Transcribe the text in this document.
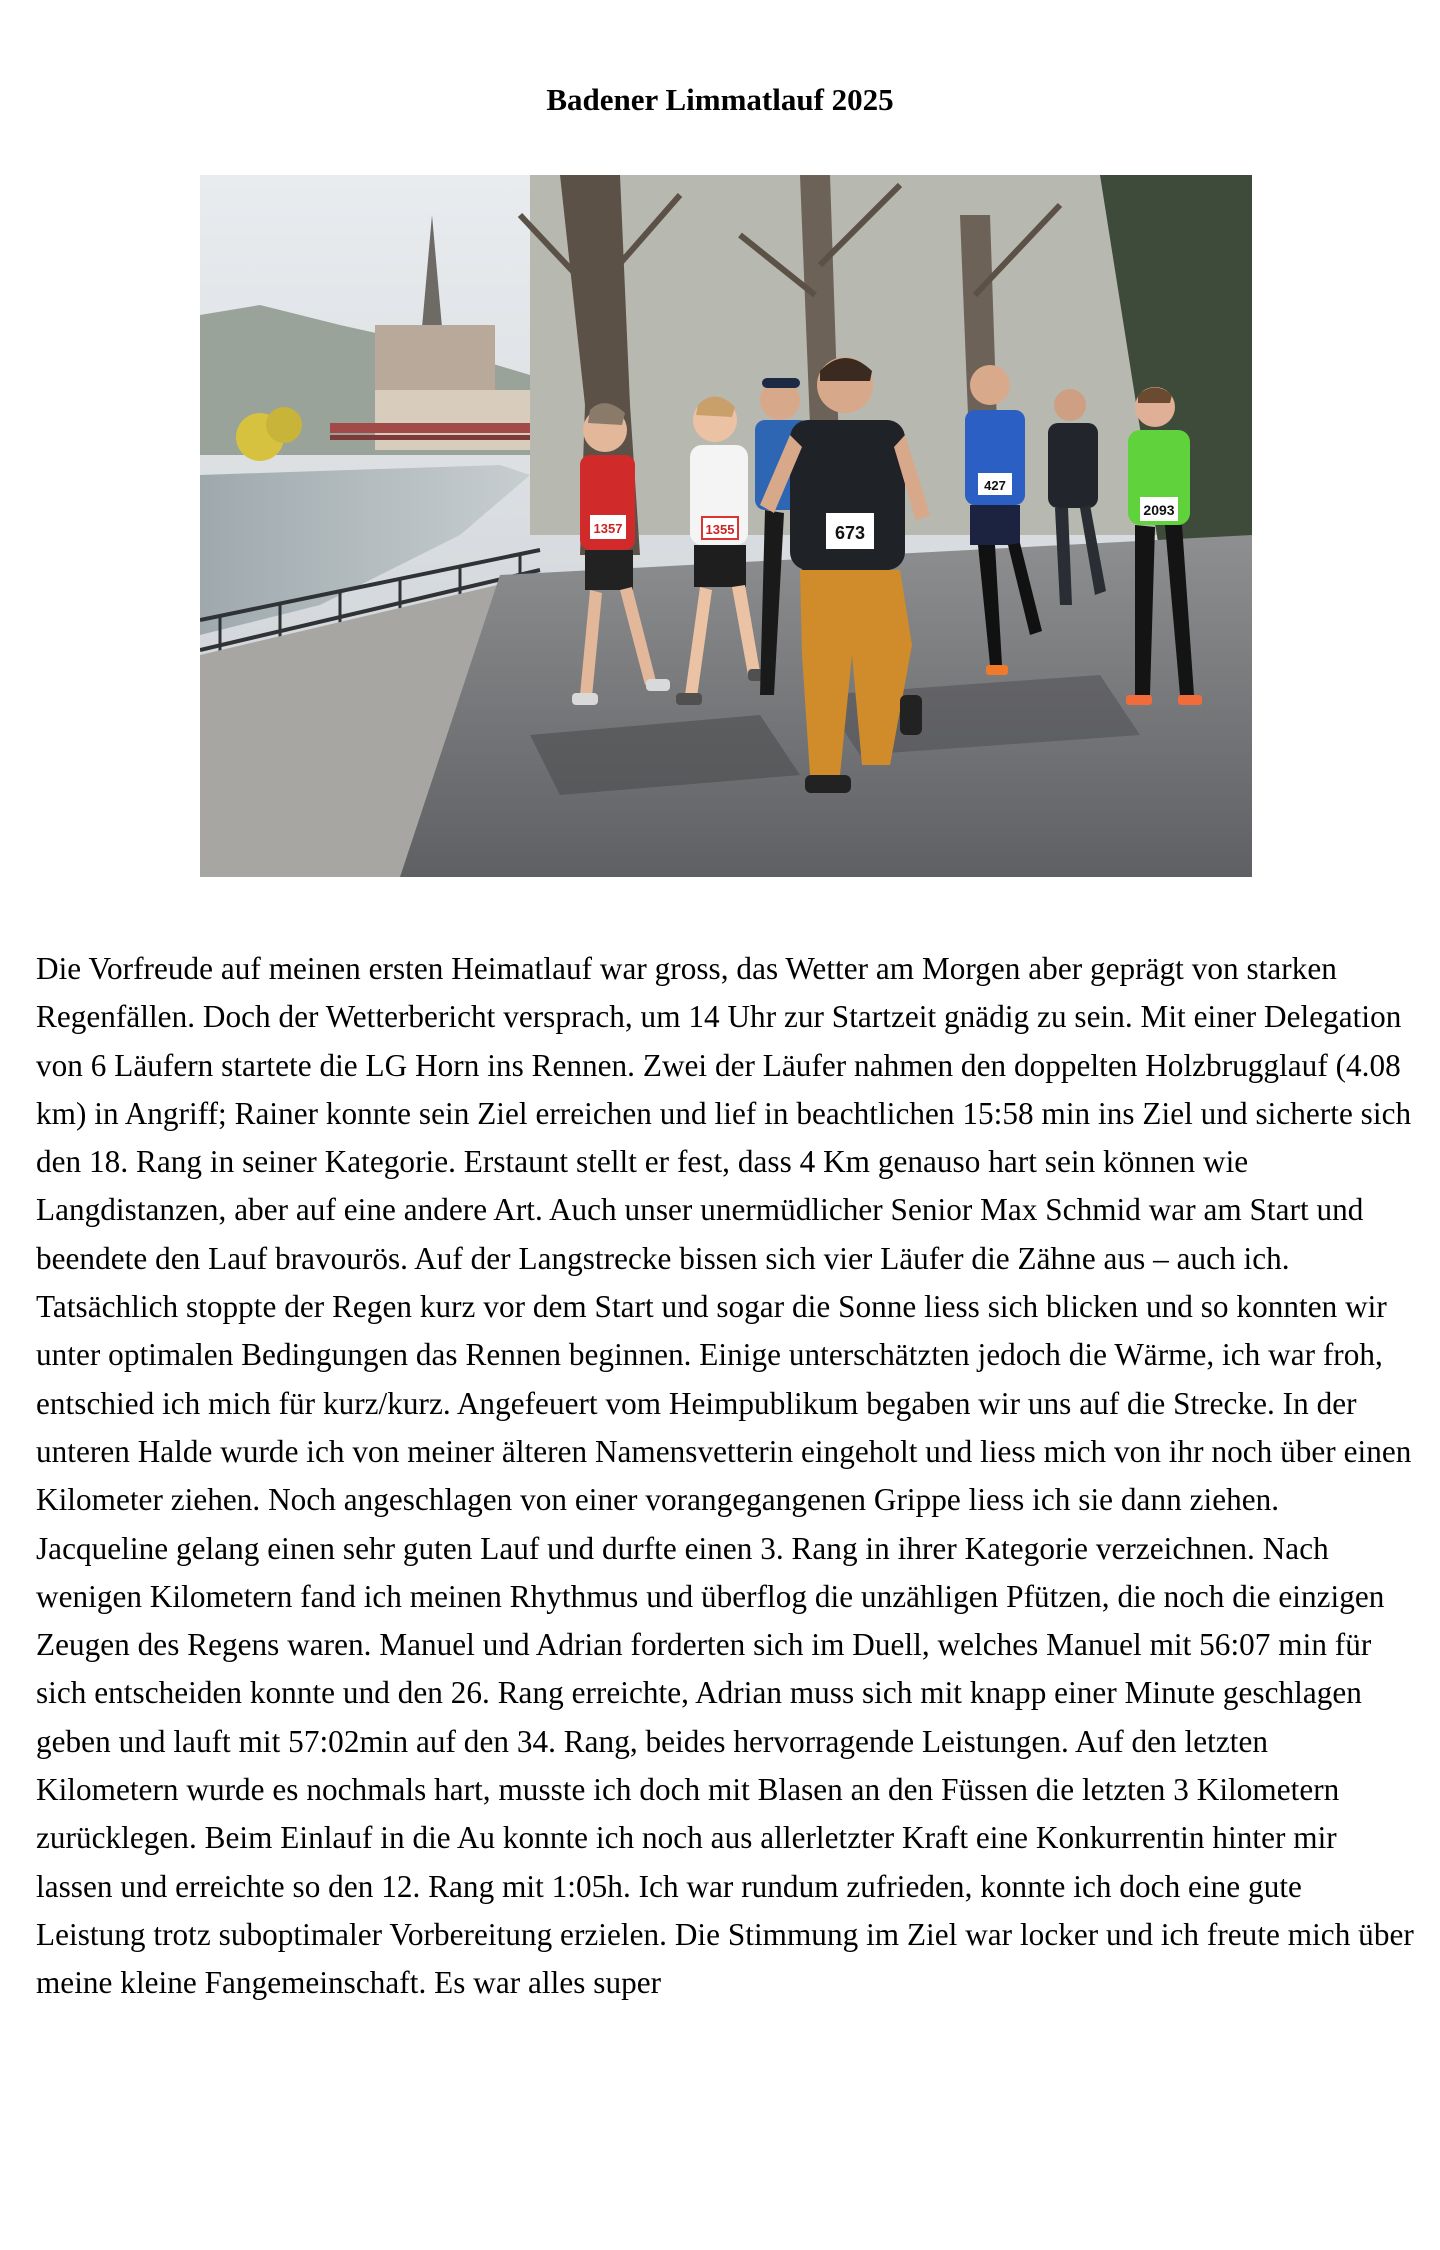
Badener Limmatlauf 2025
673
427
2093
1357	1355

Die Vorfreude auf meinen ersten Heimatlauf war gross, das Wetter am Morgen aber geprägt von starken Regenfällen. Doch der Wetterbericht versprach, um 14 Uhr zur Startzeit gnädig zu sein. Mit einer Delegation von 6 Läufern startete die LG Horn ins Rennen. Zwei der Läufer nahmen den doppelten Holzbrugglauf (4.08 km) in Angriff; Rainer konnte sein Ziel erreichen und lief in beachtlichen 15:58 min ins Ziel und sicherte sich  den 18. Rang in seiner Kategorie. Erstaunt stellt er fest, dass 4 Km genauso hart sein können wie Langdistanzen, aber auf eine andere Art. Auch unser unermüdlicher Senior Max Schmid war am Start und beendete den Lauf bravourös. Auf der Langstrecke bissen sich vier Läufer die Zähne aus – auch ich. Tatsächlich stoppte der Regen kurz vor dem Start und sogar die Sonne liess sich blicken und so konnten wir unter optimalen Bedingungen das Rennen beginnen. Einige unterschätzten jedoch die Wärme, ich war froh, entschied ich mich für kurz/kurz. Angefeuert vom Heimpublikum begaben wir uns auf die Strecke. In der unteren Halde wurde ich von meiner älteren Namensvetterin eingeholt und liess mich von ihr noch über einen Kilometer ziehen. Noch angeschlagen von einer vorangegangenen Grippe liess ich sie dann ziehen. Jacqueline gelang einen sehr guten Lauf und durfte einen 3. Rang in ihrer Kategorie verzeichnen. Nach wenigen Kilometern fand ich meinen Rhythmus und überflog die unzähligen Pfützen, die noch die einzigen Zeugen des Regens waren. Manuel und Adrian forderten sich im Duell, welches Manuel mit 56:07 min für sich entscheiden konnte und den 26. Rang erreichte, Adrian muss sich mit knapp einer Minute geschlagen geben und lauft mit 57:02min auf den 34. Rang, beides hervorragende Leistungen. Auf den letzten Kilometern wurde es nochmals hart, musste ich doch mit Blasen an den Füssen die letzten 3 Kilometern zurücklegen. Beim Einlauf in die Au konnte ich noch aus allerletzter Kraft eine Konkurrentin hinter mir lassen und erreichte so den 12. Rang mit 1:05h. Ich war rundum zufrieden, konnte ich doch eine gute Leistung trotz suboptimaler Vorbereitung erzielen. Die Stimmung im Ziel war locker und ich freute mich über meine kleine Fangemeinschaft. Es war alles super
